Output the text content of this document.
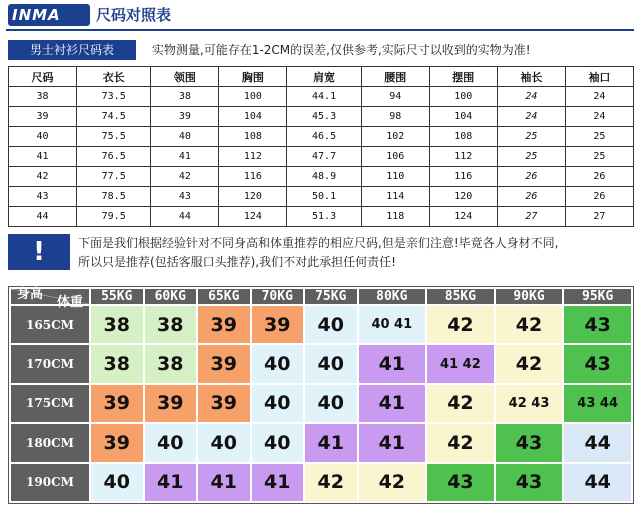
INMA	尺码对照表
男士衬衫尺码表	实物测量,可能存在1-2CM的误差,仅供参考,实际尺寸以收到的实物为准!
尺码	衣长	领围	胸围	肩宽	腰围	摆围	袖长	袖口
38	73.5	38	100	44.1	94	100	24	24
39	74.5	39	104	45.3	98	104	24	24
40	75.5	40	108	46.5	102	108	25	25
41	76.5	41	112	47.7	106	112	25	25
42	77.5	42	116	48.9	110	116	26	26
43	78.5	43	120	50.1	114	120	26	26
44	79.5	44	124	51.3	118	124	27	27
!	下面是我们根据经验针对不同身高和体重推荐的相应尺码,但是亲们注意!毕竟各人身材不同,
所以只是推荐(包括客服口头推荐),我们不对此承担任何责任!
体重
身高	55KG	60KG	65KG	70KG	75KG	80KG	85KG	90KG	95KG
165CM	38	38	39	39	40	40 41	42	42	43
170CM	38	38	39	40	40	41	41 42	42	43
175CM	39	39	39	40	40	41	42	42 43	43 44
180CM	39	40	40	40	41	41	42	43	44
190CM	40	41	41	41	42	42	43	43	44
